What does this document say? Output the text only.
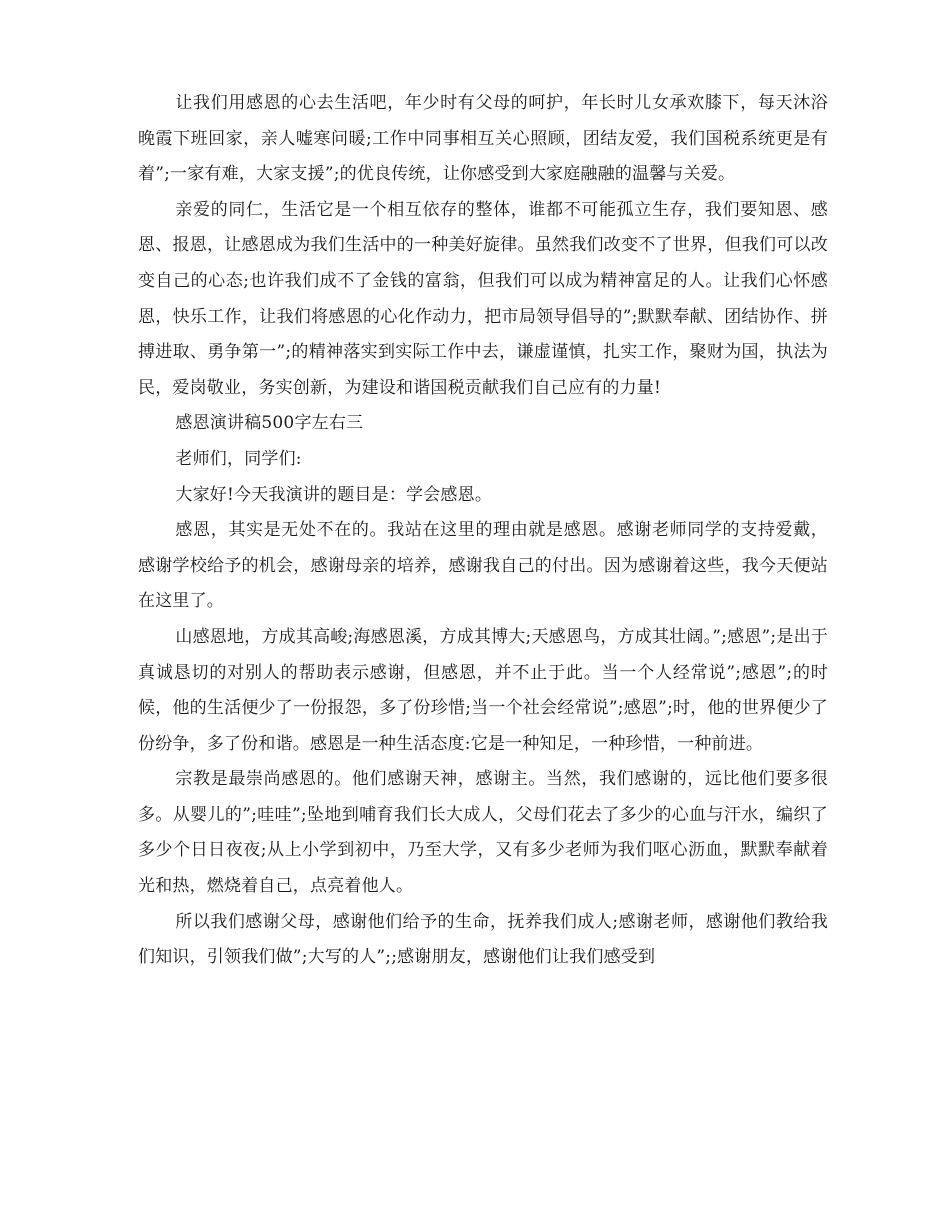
让我们用感恩的心去生活吧，年少时有父母的呵护，年长时儿女承欢膝下，每天沐浴晚霞下班回家，亲人嘘寒问暖;工作中同事相互关心照顾，团结友爱，我们国税系统更是有着”;一家有难，大家支援”;的优良传统，让你感受到大家庭融融的温馨与关爱。

亲爱的同仁，生活它是一个相互依存的整体，谁都不可能孤立生存，我们要知恩、感恩、报恩，让感恩成为我们生活中的一种美好旋律。虽然我们改变不了世界，但我们可以改变自己的心态;也许我们成不了金钱的富翁，但我们可以成为精神富足的人。让我们心怀感恩，快乐工作，让我们将感恩的心化作动力，把市局领导倡导的”;默默奉献、团结协作、拼搏进取、勇争第一”;的精神落实到实际工作中去，谦虚谨慎，扎实工作，聚财为国，执法为民，爱岗敬业，务实创新，为建设和谐国税贡献我们自己应有的力量!

感恩演讲稿500字左右三

老师们，同学们:

大家好!今天我演讲的题目是：学会感恩。

感恩，其实是无处不在的。我站在这里的理由就是感恩。感谢老师同学的支持爱戴，感谢学校给予的机会，感谢母亲的培养，感谢我自己的付出。因为感谢着这些，我今天便站在这里了。

山感恩地，方成其高峻;海感恩溪，方成其博大;天感恩鸟，方成其壮阔。”;感恩”;是出于真诚恳切的对别人的帮助表示感谢，但感恩，并不止于此。当一个人经常说”;感恩”;的时候，他的生活便少了一份报怨，多了份珍惜;当一个社会经常说”;感恩”;时，他的世界便少了份纷争，多了份和谐。感恩是一种生活态度:它是一种知足，一种珍惜，一种前进。

宗教是最崇尚感恩的。他们感谢天神，感谢主。当然，我们感谢的，远比他们要多很多。从婴儿的”;哇哇”;坠地到哺育我们长大成人，父母们花去了多少的心血与汗水，编织了多少个日日夜夜;从上小学到初中，乃至大学，又有多少老师为我们呕心沥血，默默奉献着光和热，燃烧着自己，点亮着他人。

所以我们感谢父母，感谢他们给予的生命，抚养我们成人;感谢老师，感谢他们教给我们知识，引领我们做”;大写的人”;;感谢朋友，感谢他们让我们感受到
